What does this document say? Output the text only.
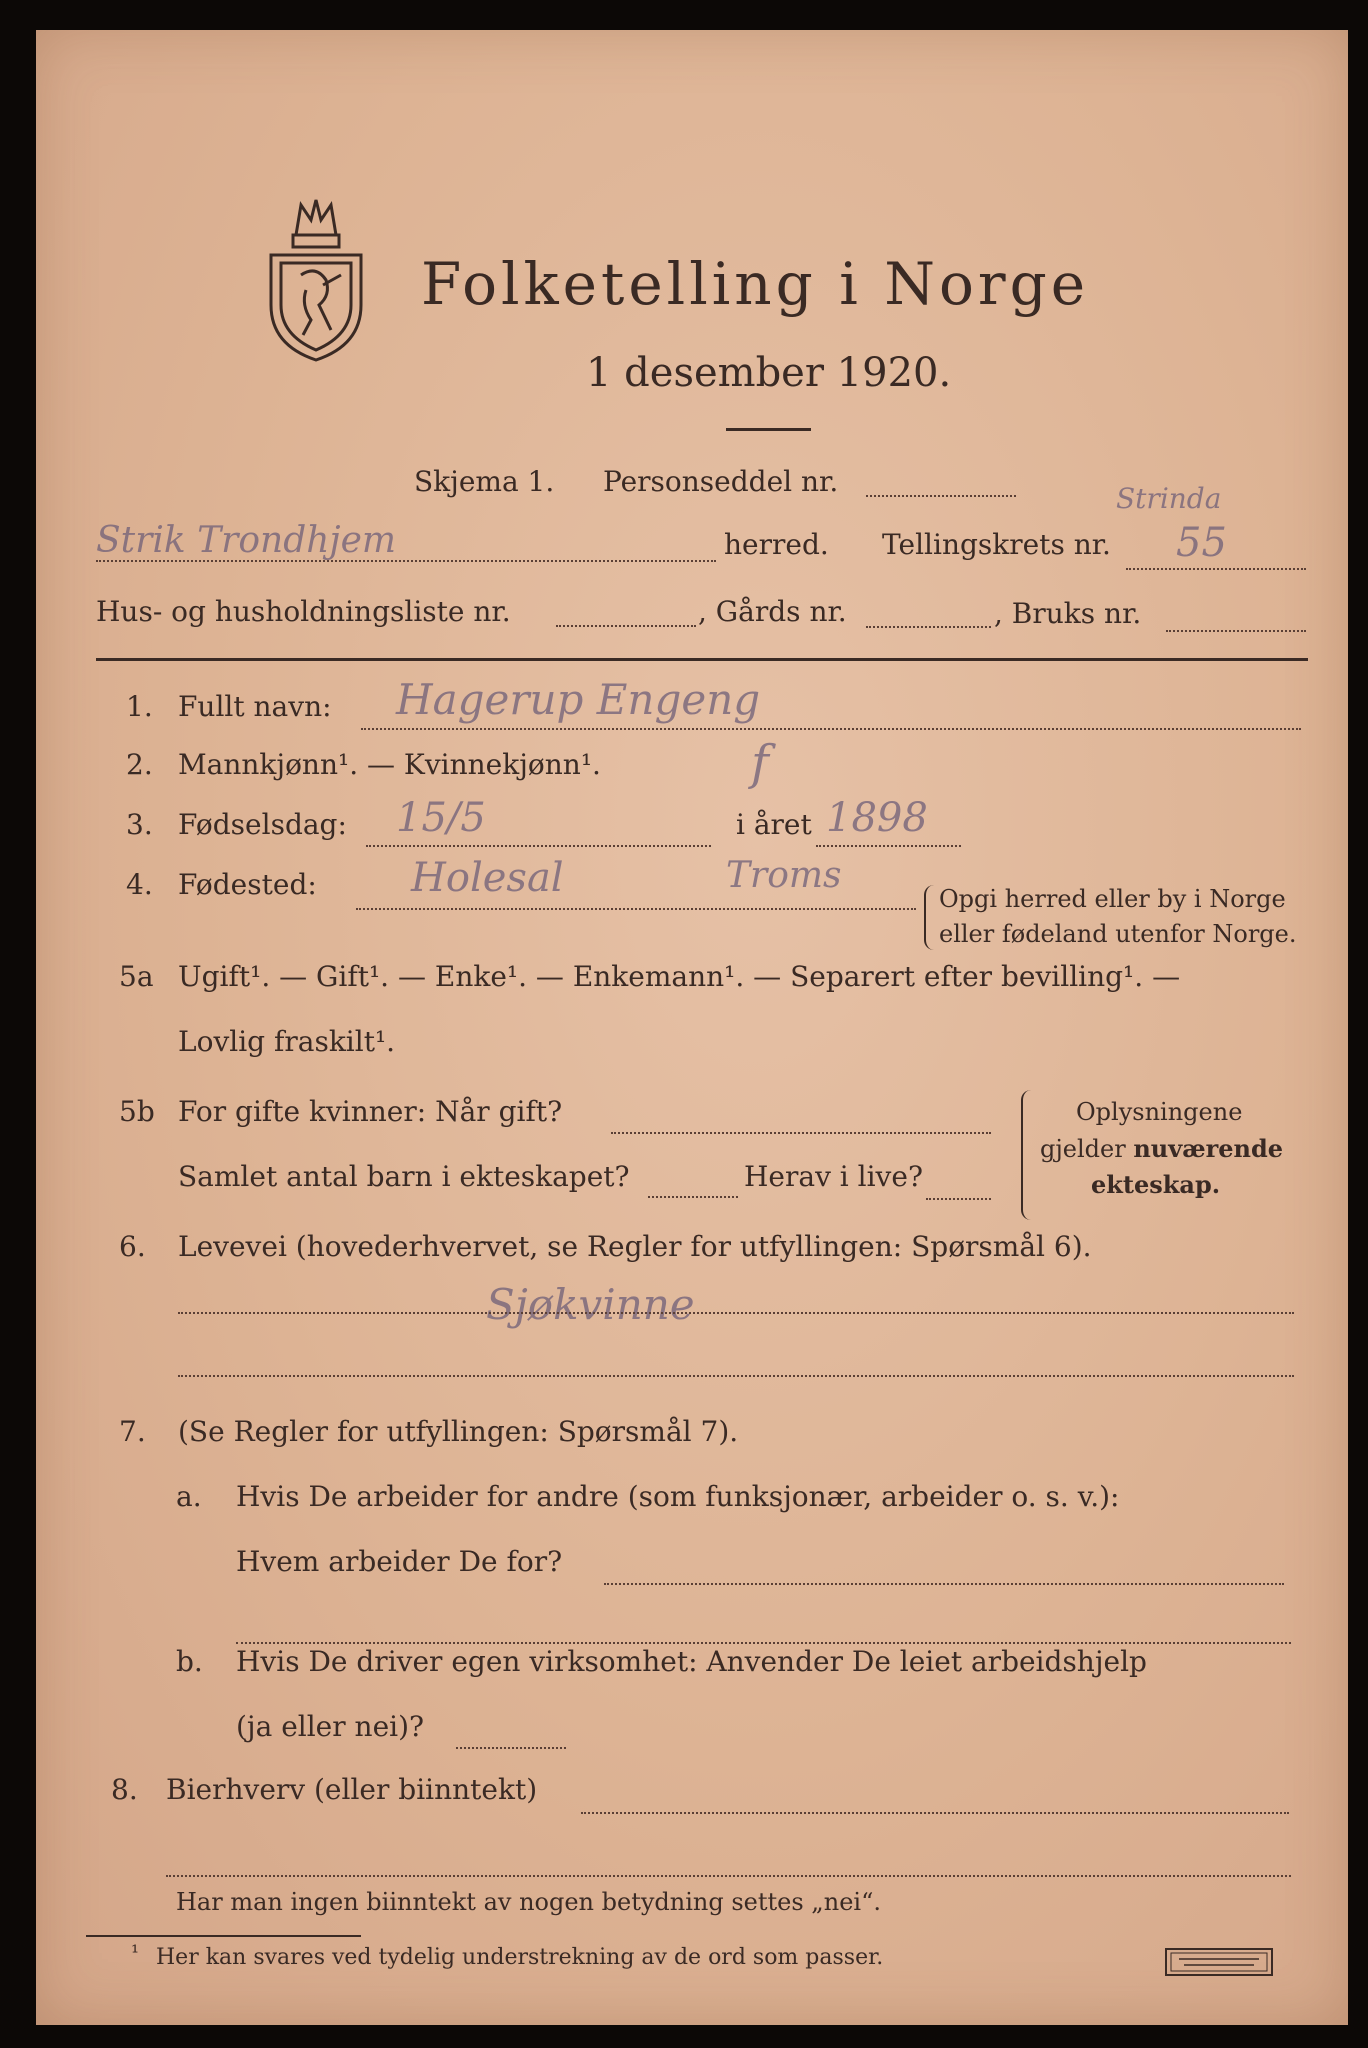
Folketelling i Norge
1 desember 1920.
Skjema 1. Personseddel nr.
Strik Trondhjem	herred. Tellingskrets nr.
Strinda
55
Hus- og husholdningsliste nr.	, Gårds nr.	, Bruks nr.
1. Fullt navn: Hagerup Engeng
2. Mannkjønn¹. — Kvinnekjønn¹.	f
3. Fødselsdag: 15/5	i året 1898
4. Fødested: Holesal	Troms
Opgi herred eller by i Norge
eller fødeland utenfor Norge.
5a Ugift¹. — Gift¹. — Enke¹. — Enkemann¹. — Separert efter bevilling¹. —
Lovlig fraskilt¹.
5b For gifte kvinner: Når gift?
Samlet antal barn i ekteskapet?	Herav i live?
Oplysningene
gjelder nuværende
ekteskap.
6. Levevei (hovederhvervet, se Regler for utfyllingen: Spørsmål 6).
Sjøkvinne
7. (Se Regler for utfyllingen: Spørsmål 7).
a. Hvis De arbeider for andre (som funksjonær, arbeider o. s. v.):
Hvem arbeider De for?
b. Hvis De driver egen virksomhet: Anvender De leiet arbeidshjelp
(ja eller nei)?
8. Bierhverv (eller biinntekt)
Har man ingen biinntekt av nogen betydning settes „nei“.
¹ Her kan svares ved tydelig understrekning av de ord som passer.
